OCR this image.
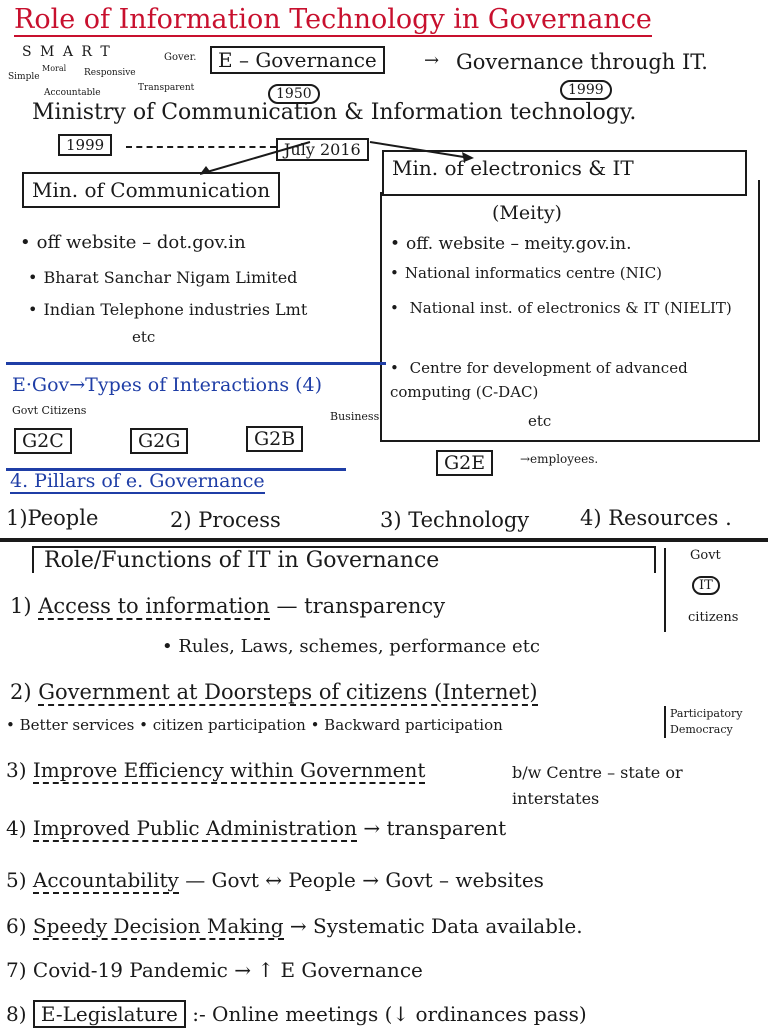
Role of Information Technology in Governance
S M A R T
Simple
Moral Responsive
Accountable	Transparent
Gover.	E – Governance	→ Governance through IT.
1950	1999
Ministry of Communication & Information technology.
1999	July 2016
Min. of Communication
Min. of electronics & IT
(Meity)
• off website – dot.gov.in
• Bharat Sanchar Nigam Limited
• Indian Telephone industries Lmt
etc
• off. website – meity.gov.in.
• National informatics centre (NIC)
• National inst. of electronics & IT (NIELIT)
• Centre for development of advanced computing (C-DAC)
etc
E·Gov→Types of Interactions (4)
Govt Citizens	Business
G2C	G2G	G2B
G2E	→employees.
4. Pillars of e. Governance
1)People	2) Process	3) Technology 4) Resources .
Role/Functions of IT in Governance	Govt
IT
citizens
1) Access to information — transparency
• Rules, Laws, schemes, performance etc
2) Government at Doorsteps of citizens (Internet)
• Better services • citizen participation • Backward participation
Participatory Democracy
3) Improve Efficiency within Government	b/w Centre – state or interstates
4) Improved Public Administration → transparent
5) Accountability — Govt ↔ People → Govt – websites
6) Speedy Decision Making → Systematic Data available.
7) Covid-19 Pandemic → ↑ E Governance
8) E-Legislature :- Online meetings (↓ ordinances pass)
